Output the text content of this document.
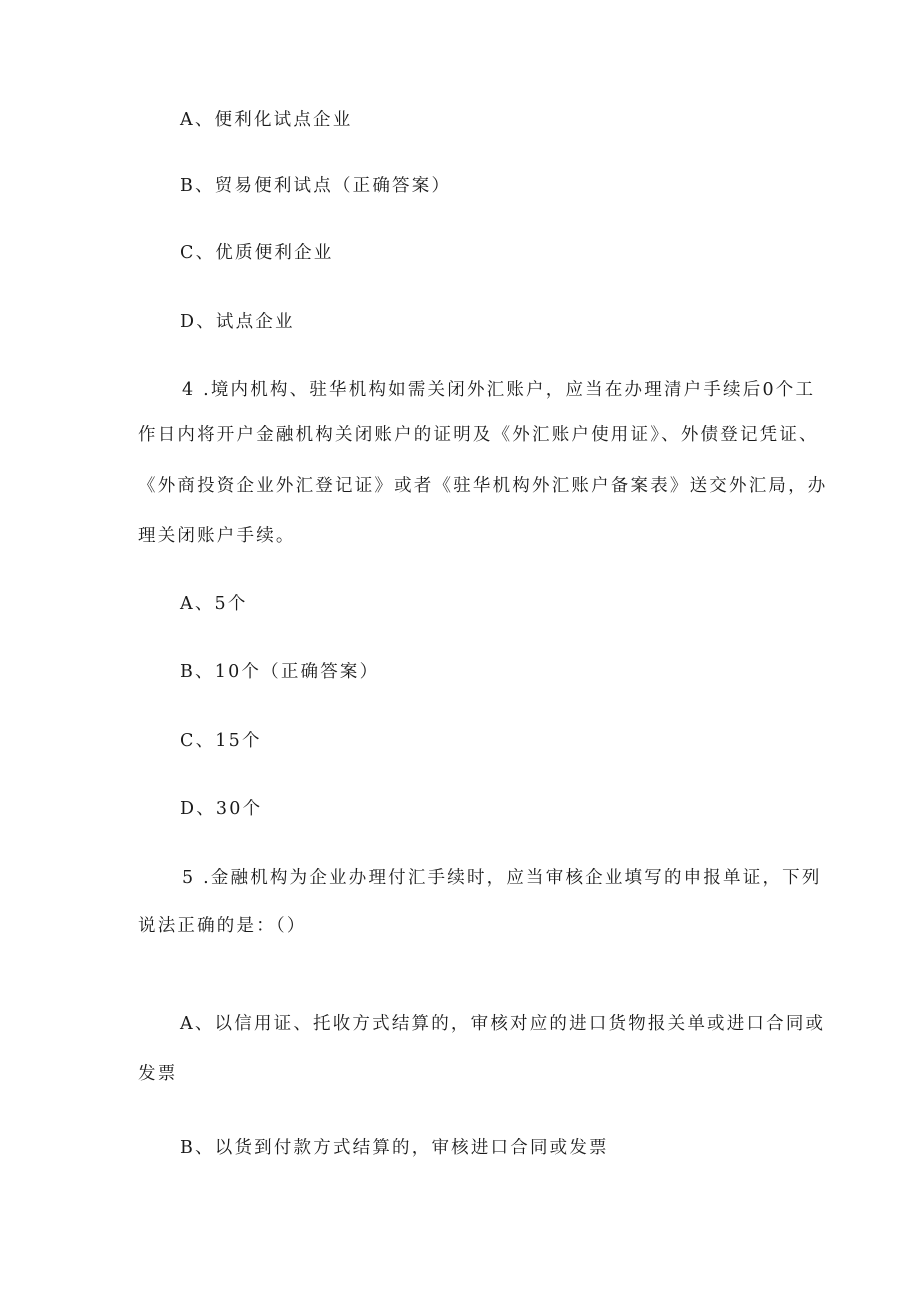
A、便利化试点企业
B、贸易便利试点（正确答案）
C、优质便利企业
D、试点企业
4 .境内机构、驻华机构如需关闭外汇账户，应当在办理清户手续后0个工
作日内将开户金融机构关闭账户的证明及《外汇账户使用证》、外债登记凭证、
《外商投资企业外汇登记证》或者《驻华机构外汇账户备案表》送交外汇局，办
理关闭账户手续。
A、5个
B、10个（正确答案）
C、15个
D、30个
5 .金融机构为企业办理付汇手续时，应当审核企业填写的申报单证，下列
说法正确的是：（）
A、以信用证、托收方式结算的，审核对应的进口货物报关单或进口合同或
发票
B、以货到付款方式结算的，审核进口合同或发票
